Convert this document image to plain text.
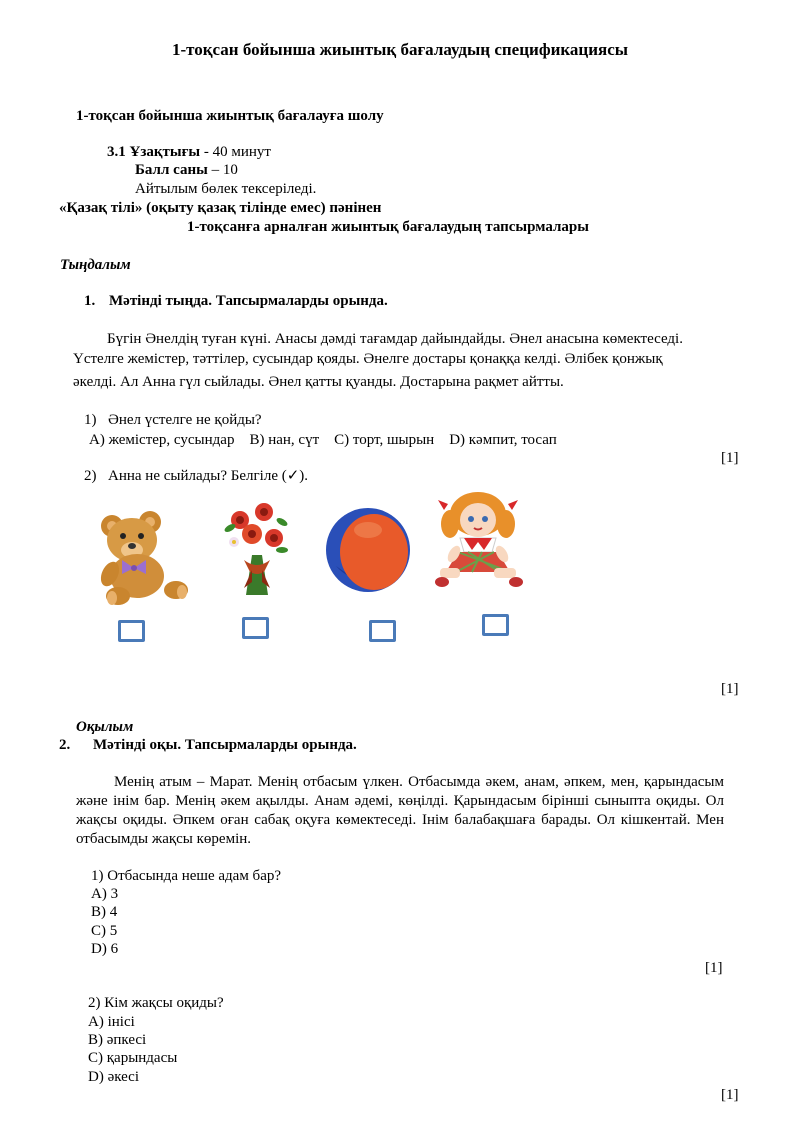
1-тоқсан бойынша жиынтық бағалаудың спецификациясы
1-тоқсан бойынша жиынтық бағалауға шолу
3.1 Ұзақтығы - 40 минут
Балл саны – 10
Айтылым бөлек тексеріледі.
«Қазақ тілі» (оқыту қазақ тілінде емес) пәнінен
1-тоқсанға арналған жиынтық бағалаудың тапсырмалары
Тыңдалым
1. Мәтінді тыңда. Тапсырмаларды орында.
Бүгін Әнелдің туған күні. Анасы дәмді тағамдар дайындайды. Әнел анасына көмектеседі.
Үстелге жемістер, тәттілер, сусындар қояды. Әнелге достары қонаққа келді. Әлібек қонжық
әкелді. Ал Анна гүл сыйлады. Әнел қатты қуанды. Достарына рақмет айтты.
1) Әнел үстелге не қойды?
A) жемістер, сусындар    B) нан, сүт    C) торт, шырын    D) кәмпит, тосап
[1]
2) Анна не сыйлады? Белгіле (✓).
[1]
Оқылым
2. Мәтінді оқы. Тапсырмаларды орында.
Менің атым – Марат. Менің отбасым үлкен. Отбасымда әкем, анам, әпкем, мен, қарындасым және інім бар. Менің әкем ақылды. Анам әдемі, көңілді. Қарындасым бірінші сыныпта оқиды. Ол жақсы оқиды. Әпкем оған сабақ оқуға көмектеседі. Інім балабақшаға барады. Ол кішкентай. Мен отбасымды жақсы көремін.
1) Отбасында неше адам бар?
A) 3
B) 4
C) 5
D) 6
[1]
2) Кім жақсы оқиды?
A) інісі
B) әпкесі
C) қарындасы
D) әкесі
[1]
